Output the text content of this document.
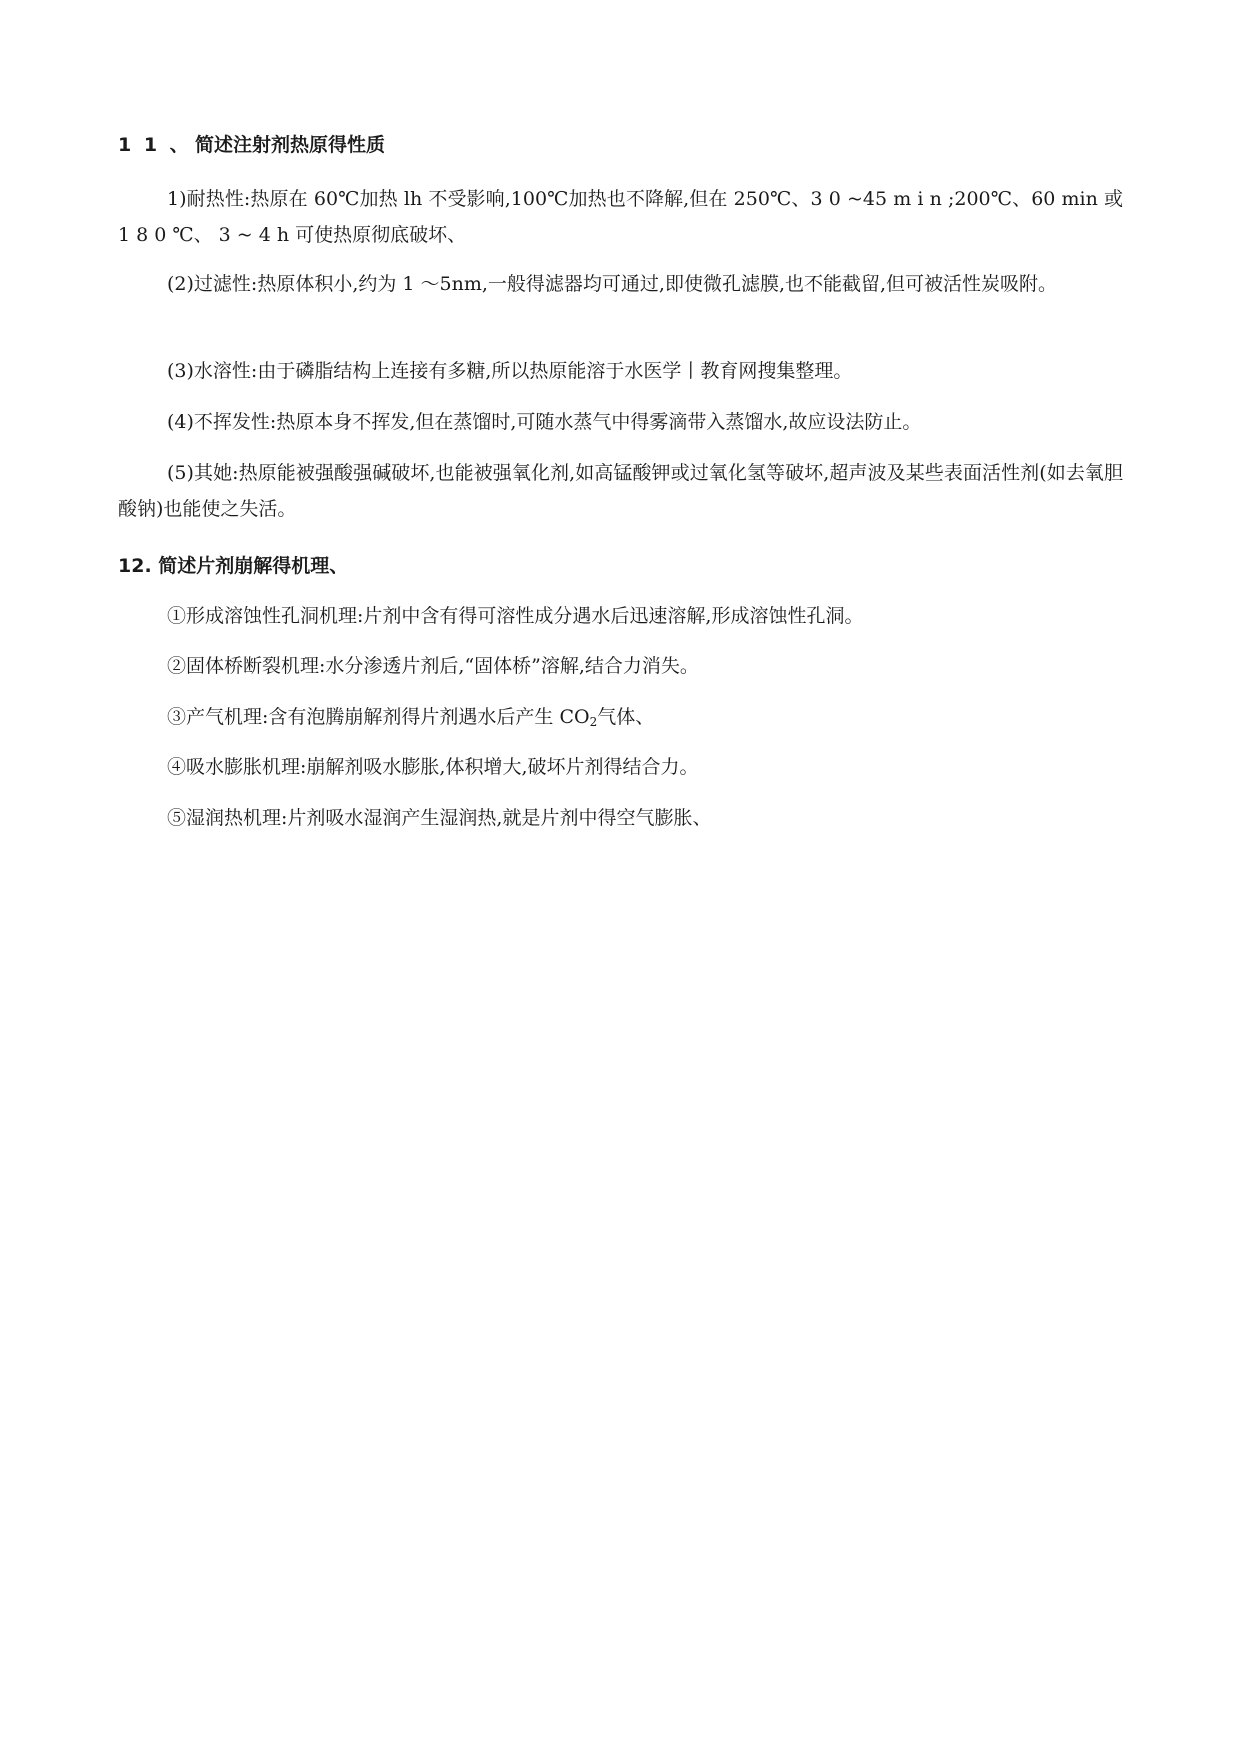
1 1 、 简述注射剂热原得性质
1)耐热性:热原在 60℃加热 lh 不受影响,100℃加热也不降解,但在 250℃、3 0 ~45 m i n ;200℃、60 min 或 1 8 0 ℃、 3 ~ 4 h 可使热原彻底破坏、
(2)过滤性:热原体积小,约为 1 ～5nm,一般得滤器均可通过,即使微孔滤膜,也不能截留,但可被活性炭吸附。
(3)水溶性:由于磷脂结构上连接有多糖,所以热原能溶于水医学丨教育网搜集整理。
(4)不挥发性:热原本身不挥发,但在蒸馏时,可随水蒸气中得雾滴带入蒸馏水,故应设法防止。
(5)其她:热原能被强酸强碱破坏,也能被强氧化剂,如高锰酸钾或过氧化氢等破坏,超声波及某些表面活性剂(如去氧胆酸钠)也能使之失活。
12. 简述片剂崩解得机理、
①形成溶蚀性孔洞机理:片剂中含有得可溶性成分遇水后迅速溶解,形成溶蚀性孔洞。
②固体桥断裂机理:水分渗透片剂后,“固体桥”溶解,结合力消失。
③产气机理:含有泡腾崩解剂得片剂遇水后产生 $CO_2$气体、
④吸水膨胀机理:崩解剂吸水膨胀,体积增大,破坏片剂得结合力。
⑤湿润热机理:片剂吸水湿润产生湿润热,就是片剂中得空气膨胀、
